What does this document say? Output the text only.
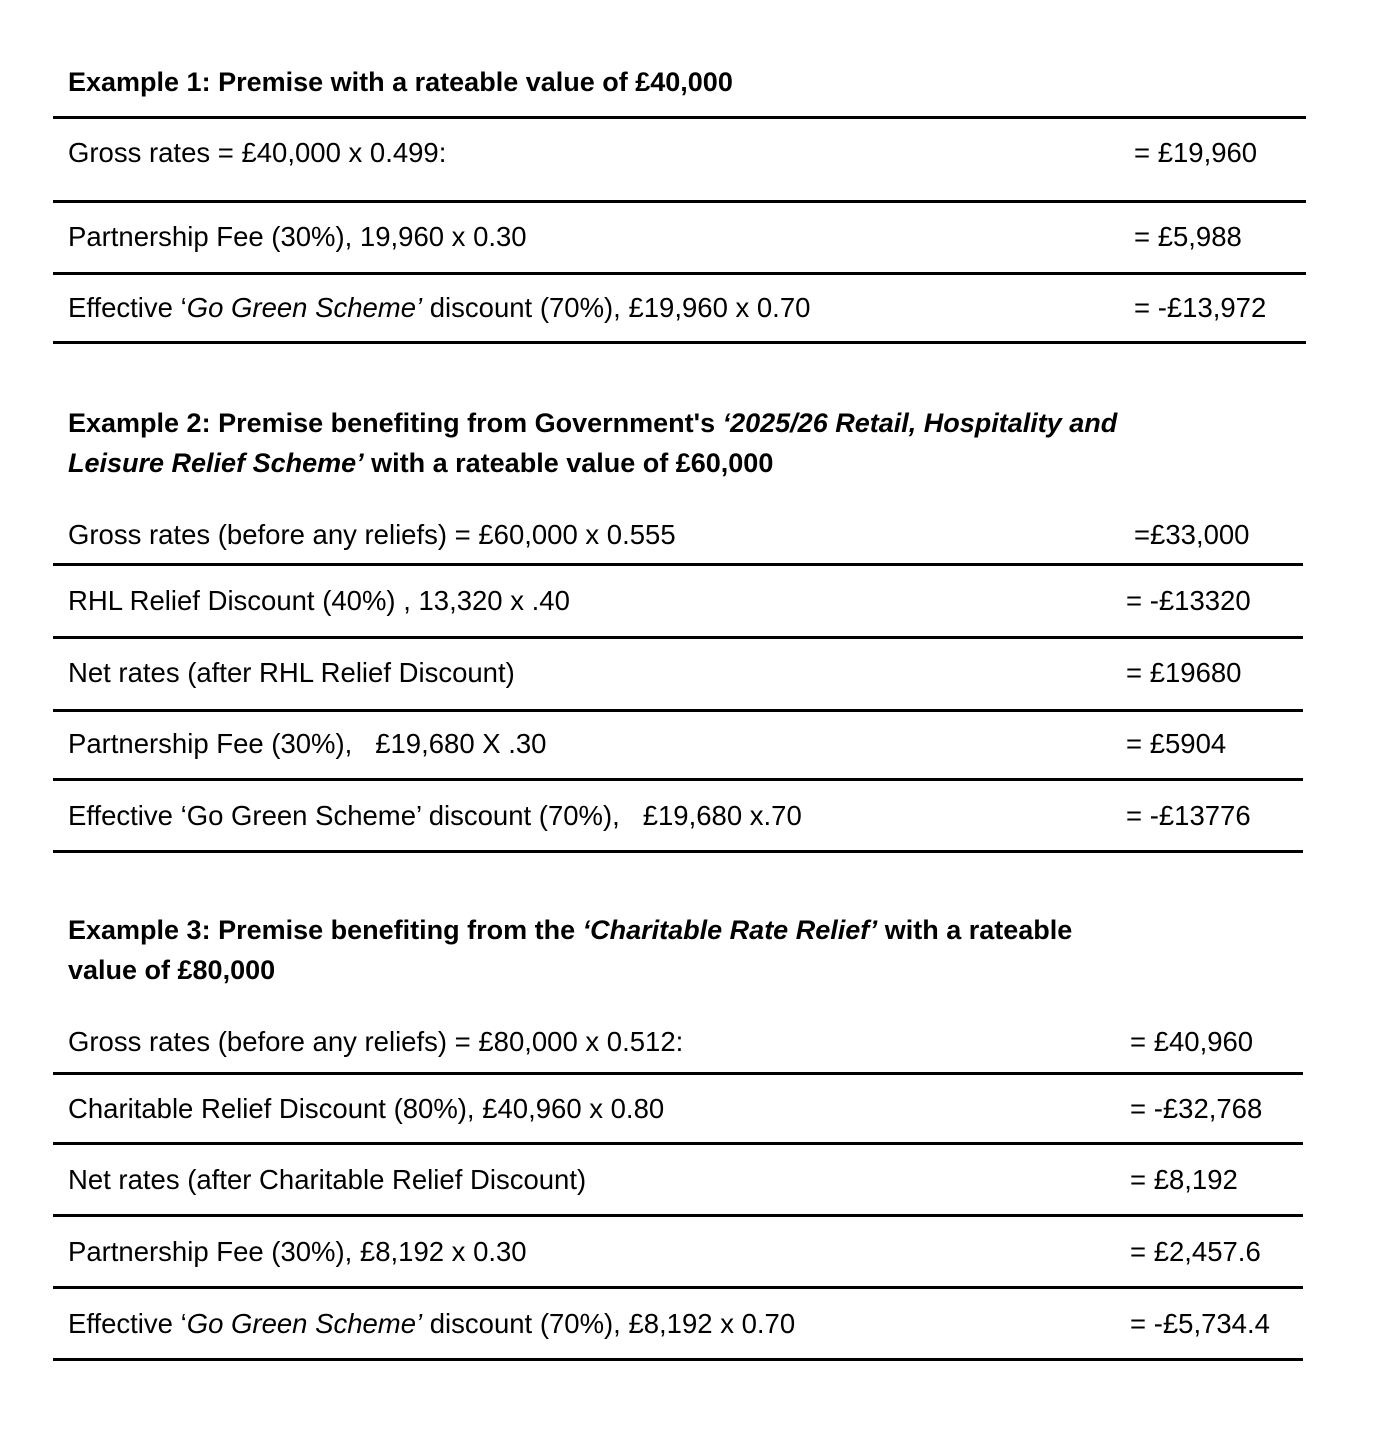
Example 1: Premise with a rateable value of £40,000
Gross rates = £40,000 x 0.499:	= £19,960
Partnership Fee (30%), 19,960 x 0.30	= £5,988
Effective ‘Go Green Scheme’ discount (70%), £19,960 x 0.70	= -£13,972
Example 2: Premise benefiting from Government's ‘2025/26 Retail, Hospitality and
Leisure Relief Scheme’ with a rateable value of £60,000
Gross rates (before any reliefs) = £60,000 x 0.555	=£33,000
RHL Relief Discount (40%) , 13,320 x .40	= -£13320
Net rates (after RHL Relief Discount)	= £19680
Partnership Fee (30%),   £19,680 X .30	= £5904
Effective ‘Go Green Scheme’ discount (70%),   £19,680 x.70	= -£13776
Example 3: Premise benefiting from the ‘Charitable Rate Relief’ with a rateable
value of £80,000
Gross rates (before any reliefs) = £80,000 x 0.512:	= £40,960
Charitable Relief Discount (80%), £40,960 x 0.80	= -£32,768
Net rates (after Charitable Relief Discount)	= £8,192
Partnership Fee (30%), £8,192 x 0.30	= £2,457.6
Effective ‘Go Green Scheme’ discount (70%), £8,192 x 0.70	= -£5,734.4
